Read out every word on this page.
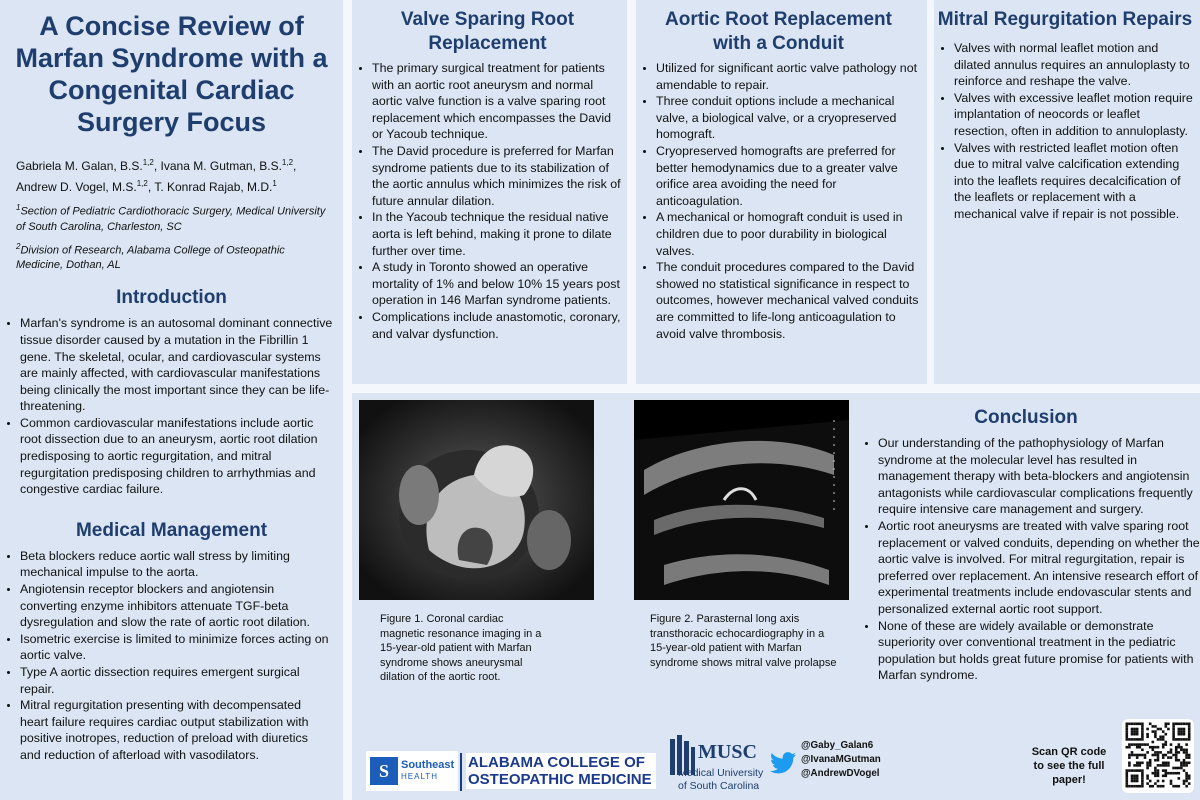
A Concise Review of Marfan Syndrome with a Congenital Cardiac Surgery Focus
Gabriela M. Galan, B.S.$^{1,2}$, Ivana M. Gutman, B.S.$^{1,2}$, Andrew D. Vogel, M.S.$^{1,2}$, T. Konrad Rajab, M.D.$^1$
$^1$Section of Pediatric Cardiothoracic Surgery, Medical University of South Carolina, Charleston, SC
$^2$Division of Research, Alabama College of Osteopathic Medicine, Dothan, AL
Introduction
• Marfan's syndrome is an autosomal dominant connective tissue disorder caused by a mutation in the Fibrillin 1 gene. The skeletal, ocular, and cardiovascular systems are mainly affected, with cardiovascular manifestations being clinically the most important since they can be life-threatening.
• Common cardiovascular manifestations include aortic root dissection due to an aneurysm, aortic root dilation predisposing to aortic regurgitation, and mitral regurgitation predisposing children to arrhythmias and congestive cardiac failure.
Medical Management
• Beta blockers reduce aortic wall stress by limiting mechanical impulse to the aorta.
• Angiotensin receptor blockers and angiotensin converting enzyme inhibitors attenuate TGF-beta dysregulation and slow the rate of aortic root dilation.
• Isometric exercise is limited to minimize forces acting on aortic valve.
• Type A aortic dissection requires emergent surgical repair.
• Mitral regurgitation presenting with decompensated heart failure requires cardiac output stabilization with positive inotropes, reduction of preload with diuretics and reduction of afterload with vasodilators.
Valve Sparing Root Replacement
• The primary surgical treatment for patients with an aortic root aneurysm and normal aortic valve function is a valve sparing root replacement which encompasses the David or Yacoub technique.
• The David procedure is preferred for Marfan syndrome patients due to its stabilization of the aortic annulus which minimizes the risk of future annular dilation.
• In the Yacoub technique the residual native aorta is left behind, making it prone to dilate further over time.
• A study in Toronto showed an operative mortality of 1% and below 10% 15 years post operation in 146 Marfan syndrome patients.
• Complications include anastomotic, coronary, and valvar dysfunction.
Aortic Root Replacement with a Conduit
• Utilized for significant aortic valve pathology not amendable to repair.
• Three conduit options include a mechanical valve, a biological valve, or a cryopreserved homograft.
• Cryopreserved homografts are preferred for better hemodynamics due to a greater valve orifice area avoiding the need for anticoagulation.
• A mechanical or homograft conduit is used in children due to poor durability in biological valves.
• The conduit procedures compared to the David showed no statistical significance in respect to outcomes, however mechanical valved conduits are committed to life-long anticoagulation to avoid valve thrombosis.
Mitral Regurgitation Repairs
• Valves with normal leaflet motion and dilated annulus requires an annuloplasty to reinforce and reshape the valve.
• Valves with excessive leaflet motion require implantation of neocords or leaflet resection, often in addition to annuloplasty.
• Valves with restricted leaflet motion often due to mitral valve calcification extending into the leaflets requires decalcification of the leaflets or replacement with a mechanical valve if repair is not possible.
Figure 1. Coronal cardiac magnetic resonance imaging in a 15-year-old patient with Marfan syndrome shows aneurysmal dilation of the aortic root.
Figure 2. Parasternal long axis transthoracic echocardiography in a 15-year-old patient with Marfan syndrome shows mitral valve prolapse
Conclusion
• Our understanding of the pathophysiology of Marfan syndrome at the molecular level has resulted in management therapy with beta-blockers and angiotensin antagonists while cardiovascular complications frequently require intensive care management and surgery.
• Aortic root aneurysms are treated with valve sparing root replacement or valved conduits, depending on whether the aortic valve is involved. For mitral regurgitation, repair is preferred over replacement. An intensive research effort of experimental treatments include endovascular stents and personalized external aortic root support.
• None of these are widely available or demonstrate superiority over conventional treatment in the pediatric population but holds great future promise for patients with Marfan syndrome.
S	Southeast
HEALTH
ALABAMA COLLEGE OF
OSTEOPATHIC MEDICINE
MUSC
Medical University
of South Carolina
@Gaby_Galan6
@IvanaMGutman
@AndrewDVogel
Scan QR code to see the full paper!
